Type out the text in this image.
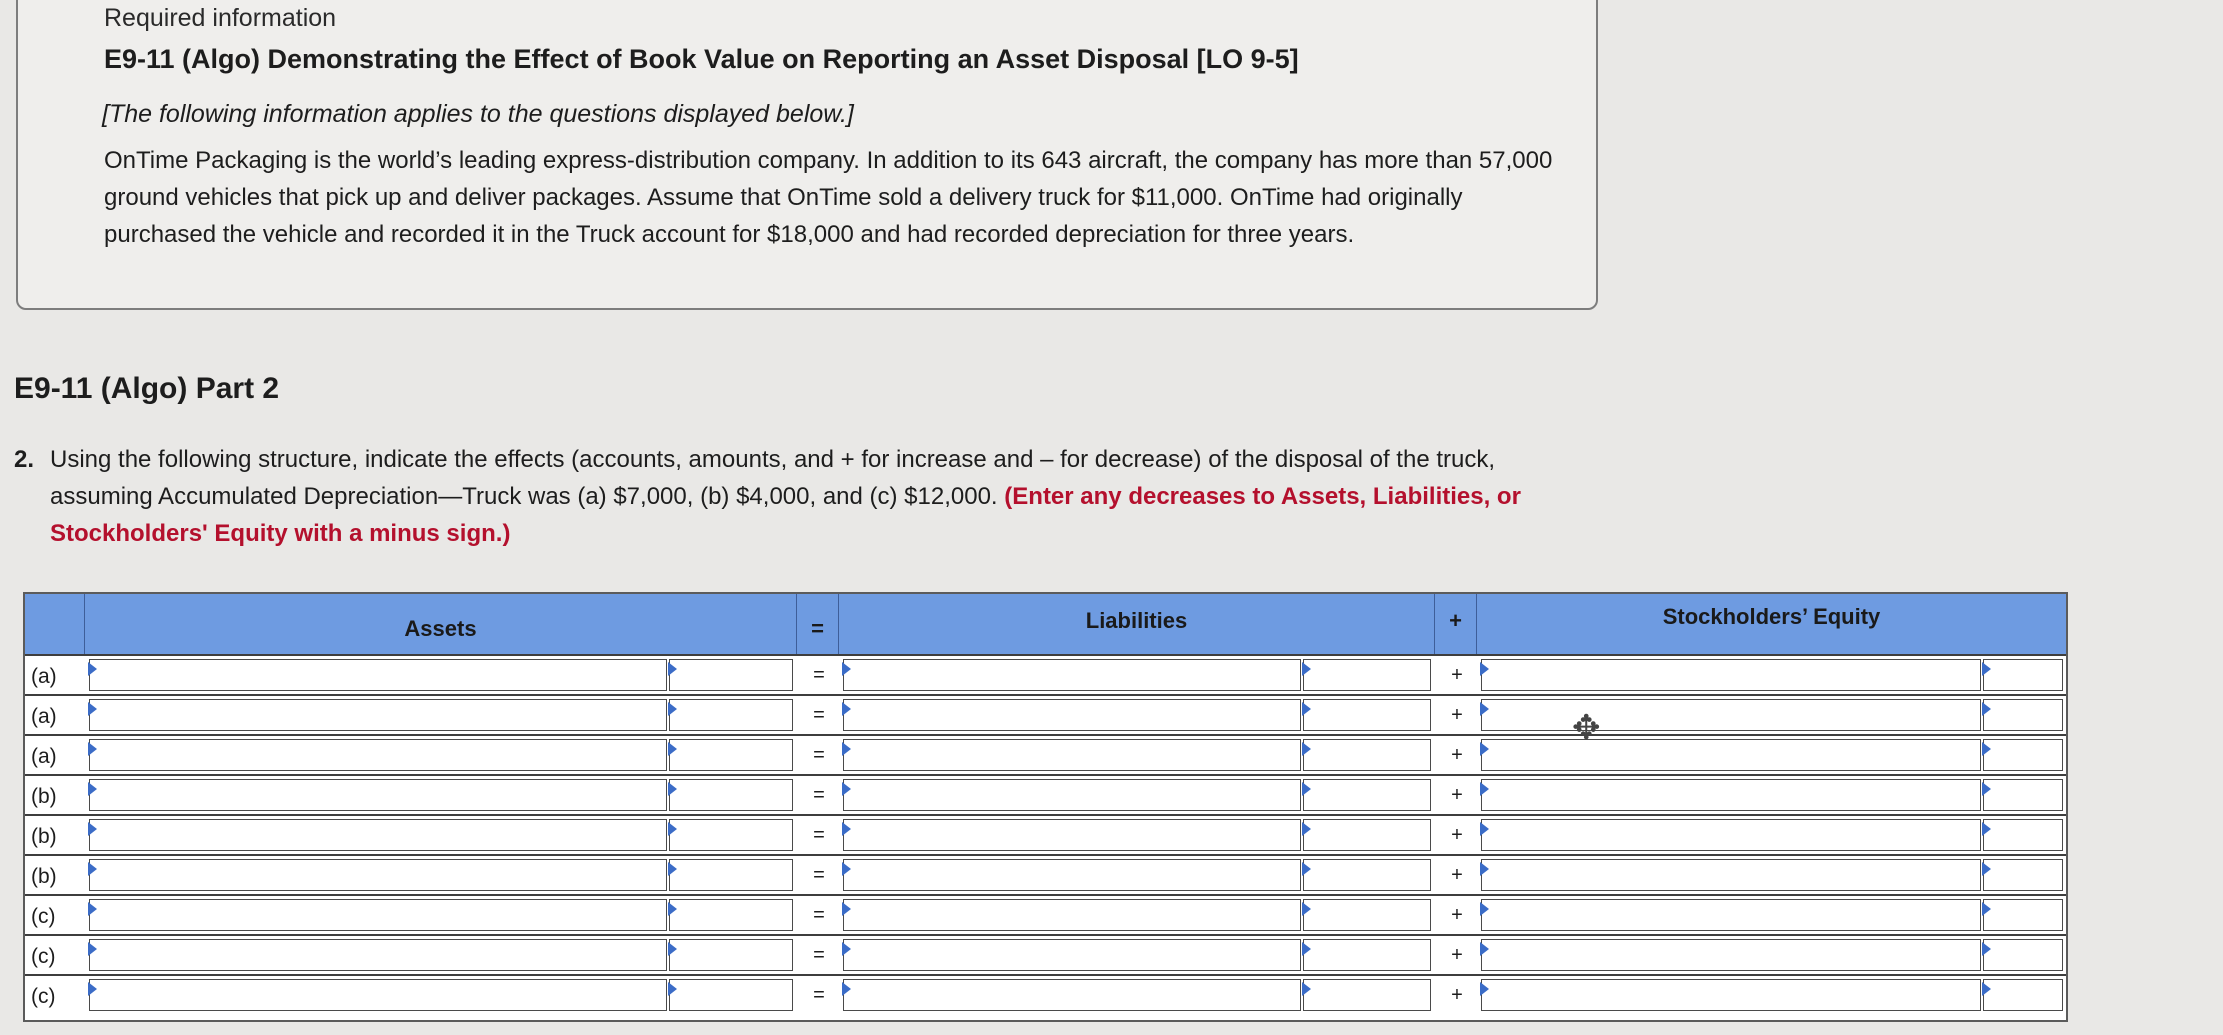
Required information
E9-11 (Algo) Demonstrating the Effect of Book Value on Reporting an Asset Disposal [LO 9-5]
[The following information applies to the questions displayed below.]
OnTime Packaging is the world’s leading express-distribution company. In addition to its 643 aircraft, the company has more than 57,000 ground vehicles that pick up and deliver packages. Assume that OnTime sold a delivery truck for $11,000. OnTime had originally purchased the vehicle and recorded it in the Truck account for $18,000 and had recorded depreciation for three years.
E9-11 (Algo) Part 2
2. Using the following structure, indicate the effects (accounts, amounts, and + for increase and – for decrease) of the disposal of the truck, assuming Accumulated Depreciation—Truck was (a) $7,000, (b) $4,000, and (c) $12,000. (Enter any decreases to Assets, Liabilities, or Stockholders' Equity with a minus sign.)
Assets	=	Liabilities	+	Stockholders’ Equity
(a)	=	+
(a)	=	+
(a)	=	+
(b)	=	+
(b)	=	+
(b)	=	+
(c)	=	+
(c)	=	+
(c)	=	+
✥
